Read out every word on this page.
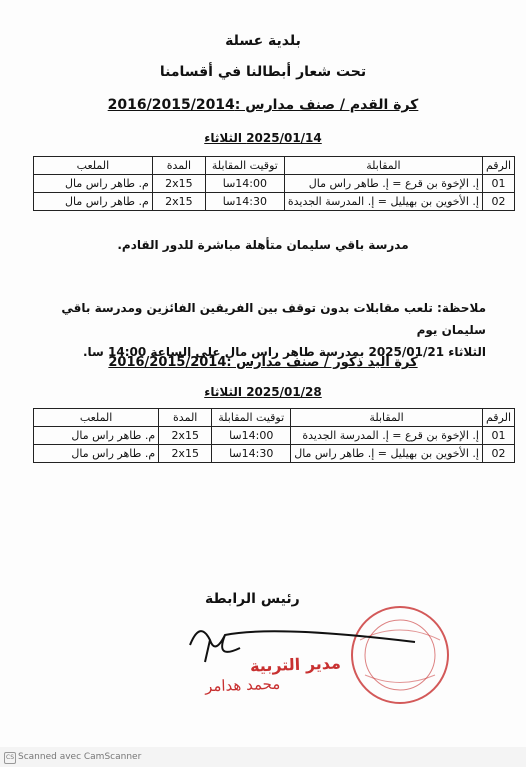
بلدية عسلة
تحت شعار أبطالنا في أقسامنا
كرة القدم / صنف مدارس :2016/2015/2014
2025/01/14 الثلاثاء
الرقم	المقابلة	توقيت المقابلة	المدة	الملعب
01	إ. الإخوة بن قرع = إ. طاهر راس مال	14:00سا	2x15	م. طاهر راس مال
02	إ. الأخوين بن بهيليل = إ. المدرسة الجديدة	14:30سا	2x15	م. طاهر راس مال
مدرسة باقي سليمان متأهلة مباشرة للدور القادم.
ملاحظة: تلعب مقابلات بدون توقف بين الفريقين الفائزين ومدرسة باقي سليمان يوم
الثلاثاء 2025/01/21 بمدرسة طاهر راس مال على الساعة 14:00 سا.
كرة اليد ذكور / صنف مدارس :2016/2015/2014
2025/01/28 الثلاثاء
الرقم	المقابلة	توقيت المقابلة	المدة	الملعب
01	إ. الإخوة بن قرع = إ. المدرسة الجديدة	14:00سا	2x15	م. طاهر راس مال
02	إ. الأخوين بن بهيليل = إ. طاهر راس مال	14:30سا	2x15	م. طاهر راس مال
رئيس الرابطة
مدير التربية
محمد هدامر
CS Scanned avec CamScanner
